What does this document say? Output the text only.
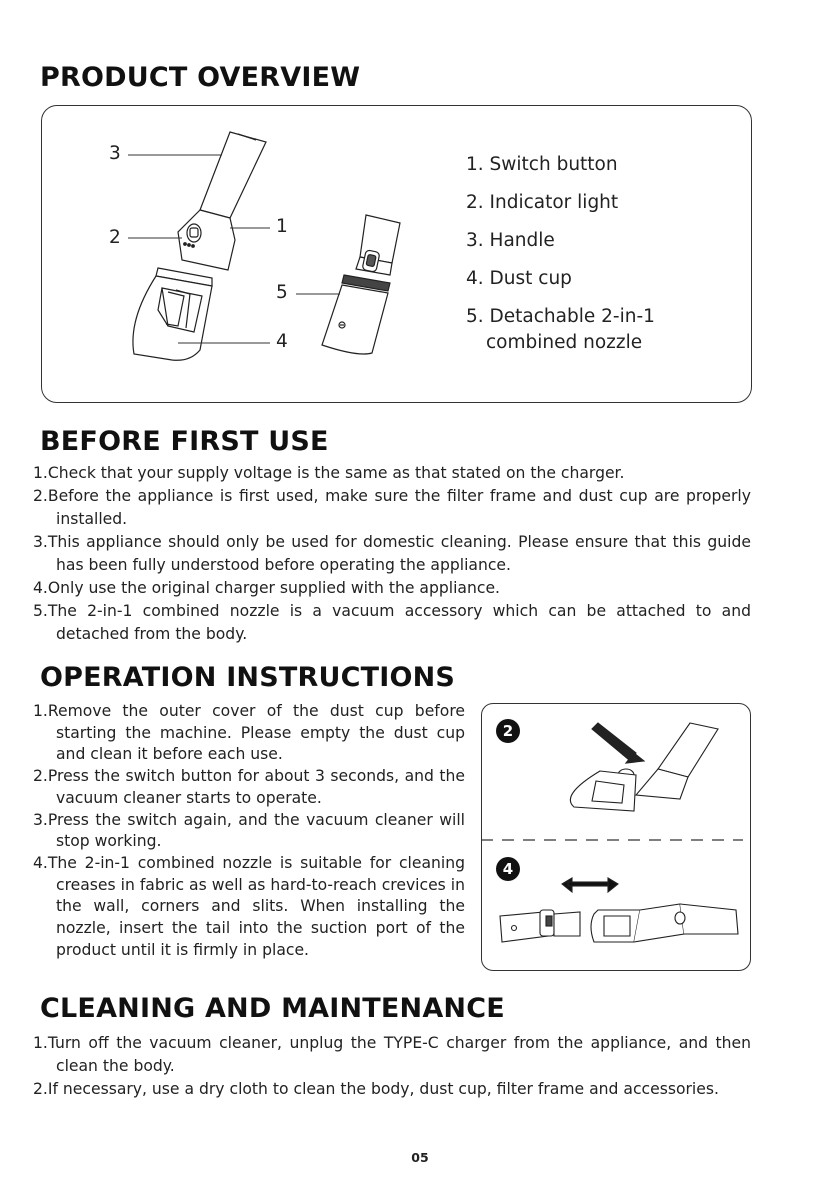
PRODUCT OVERVIEW
3
2
1
5
4
1. Switch button
2. Indicator light
3. Handle
4. Dust cup
5. Detachable 2-in-1
combined nozzle
BEFORE FIRST USE
1.Check that your supply voltage is the same as that stated on the charger.
2.Before the appliance is first used, make sure the filter frame and dust cup are properly installed.
3.This appliance should only be used for domestic cleaning. Please ensure that this guide has been fully understood before operating the appliance.
4.Only use the original charger supplied with the appliance.
5.The 2-in-1 combined nozzle is a vacuum accessory which can be attached to and detached from the body.
OPERATION INSTRUCTIONS
1.Remove the outer cover of the dust cup before starting the machine. Please empty the dust cup and clean it before each use.
2.Press the switch button for about 3 seconds, and the vacuum cleaner starts to operate.
3.Press the switch again, and the vacuum cleaner will stop working.
4.The 2-in-1 combined nozzle is suitable for cleaning creases in fabric as well as hard-to-reach crevices in the wall, corners and slits. When installing the nozzle, insert the tail into the suction port of the product until it is firmly in place.
2
4
CLEANING AND MAINTENANCE
1.Turn off the vacuum cleaner, unplug the TYPE-C charger from the appliance, and then clean the body.
2.If necessary, use a dry cloth to clean the body, dust cup, filter frame and accessories.
05
